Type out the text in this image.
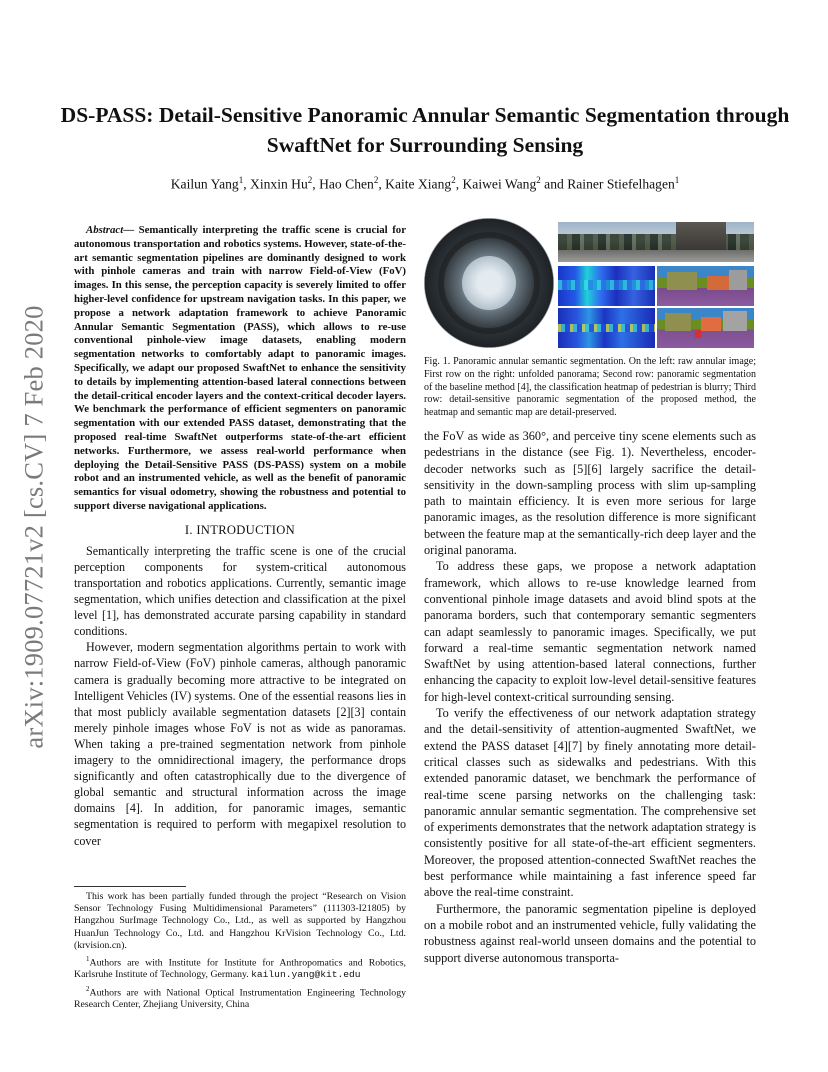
arXiv:1909.07721v2 [cs.CV] 7 Feb 2020
DS-PASS: Detail-Sensitive Panoramic Annular Semantic Segmentation through SwaftNet for Surrounding Sensing
Kailun Yang$^1$, Xinxin Hu$^2$, Hao Chen$^2$, Kaite Xiang$^2$, Kaiwei Wang$^2$ and Rainer Stiefelhagen$^1$

Abstract— Semantically interpreting the traffic scene is crucial for autonomous transportation and robotics systems. However, state-of-the-art semantic segmentation pipelines are dominantly designed to work with pinhole cameras and train with narrow Field-of-View (FoV) images. In this sense, the perception capacity is severely limited to offer higher-level confidence for upstream navigation tasks. In this paper, we propose a network adaptation framework to achieve Panoramic Annular Semantic Segmentation (PASS), which allows to re-use conventional pinhole-view image datasets, enabling modern segmentation networks to comfortably adapt to panoramic images. Specifically, we adapt our proposed SwaftNet to enhance the sensitivity to details by implementing attention-based lateral connections between the detail-critical encoder layers and the context-critical decoder layers. We benchmark the performance of efficient segmenters on panoramic segmentation with our extended PASS dataset, demonstrating that the proposed real-time SwaftNet outperforms state-of-the-art efficient networks. Furthermore, we assess real-world performance when deploying the Detail-Sensitive PASS (DS-PASS) system on a mobile robot and an instrumented vehicle, as well as the benefit of panoramic semantics for visual odometry, showing the robustness and potential to support diverse navigational applications.

I. INTRODUCTION

Semantically interpreting the traffic scene is one of the crucial perception components for system-critical autonomous transportation and robotics applications. Currently, semantic image segmentation, which unifies detection and classification at the pixel level [1], has demonstrated accurate parsing capability in standard conditions.

However, modern segmentation algorithms pertain to work with narrow Field-of-View (FoV) pinhole cameras, although panoramic camera is gradually becoming more attractive to be integrated on Intelligent Vehicles (IV) systems. One of the essential reasons lies in that most publicly available segmentation datasets [2][3] contain merely pinhole images whose FoV is not as wide as panoramas. When taking a pre-trained segmentation network from pinhole imagery to the omnidirectional imagery, the performance drops significantly and often catastrophically due to the divergence of global semantic and structural information across the image domains [4]. In addition, for panoramic images, semantic segmentation is required to perform with megapixel resolution to cover

This work has been partially funded through the project “Research on Vision Sensor Technology Fusing Multidimensional Parameters” (111303-I21805) by Hangzhou SurImage Technology Co., Ltd., as well as supported by Hangzhou HuanJun Technology Co., Ltd. and Hangzhou KrVision Technology Co., Ltd. (krvision.cn).

$^1$Authors are with Institute for Institute for Anthropomatics and Robotics, Karlsruhe Institute of Technology, Germany. kailun.yang@kit.edu

$^2$Authors are with National Optical Instrumentation Engineering Technology Research Center, Zhejiang University, China

Fig. 1. Panoramic annular semantic segmentation. On the left: raw annular image; First row on the right: unfolded panorama; Second row: panoramic segmentation of the baseline method [4], the classification heatmap of pedestrian is blurry; Third row: detail-sensitive panoramic segmentation of the proposed method, the heatmap and semantic map are detail-preserved.

the FoV as wide as 360°, and perceive tiny scene elements such as pedestrians in the distance (see Fig. 1). Nevertheless, encoder-decoder networks such as [5][6] largely sacrifice the detail-sensitivity in the down-sampling process with slim up-sampling path to maintain efficiency. It is even more serious for large panoramic images, as the resolution difference is more significant between the feature map at the semantically-rich deep layer and the original panorama.

To address these gaps, we propose a network adaptation framework, which allows to re-use knowledge learned from conventional pinhole image datasets and avoid blind spots at the panorama borders, such that contemporary semantic segmenters can adapt seamlessly to panoramic images. Specifically, we put forward a real-time semantic segmentation network named SwaftNet by using attention-based lateral connections, further enhancing the capacity to exploit low-level detail-sensitive features for high-level context-critical surrounding sensing.

To verify the effectiveness of our network adaptation strategy and the detail-sensitivity of attention-augmented SwaftNet, we extend the PASS dataset [4][7] by finely annotating more detail-critical classes such as sidewalks and pedestrians. With this extended panoramic dataset, we benchmark the performance of real-time scene parsing networks on the challenging task: panoramic annular semantic segmentation. The comprehensive set of experiments demonstrates that the network adaptation strategy is consistently positive for all state-of-the-art efficient segmenters. Moreover, the proposed attention-connected SwaftNet reaches the best performance while maintaining a fast inference speed far above the real-time constraint.

Furthermore, the panoramic segmentation pipeline is deployed on a mobile robot and an instrumented vehicle, fully validating the robustness against real-world unseen domains and the potential to support diverse autonomous transporta-
